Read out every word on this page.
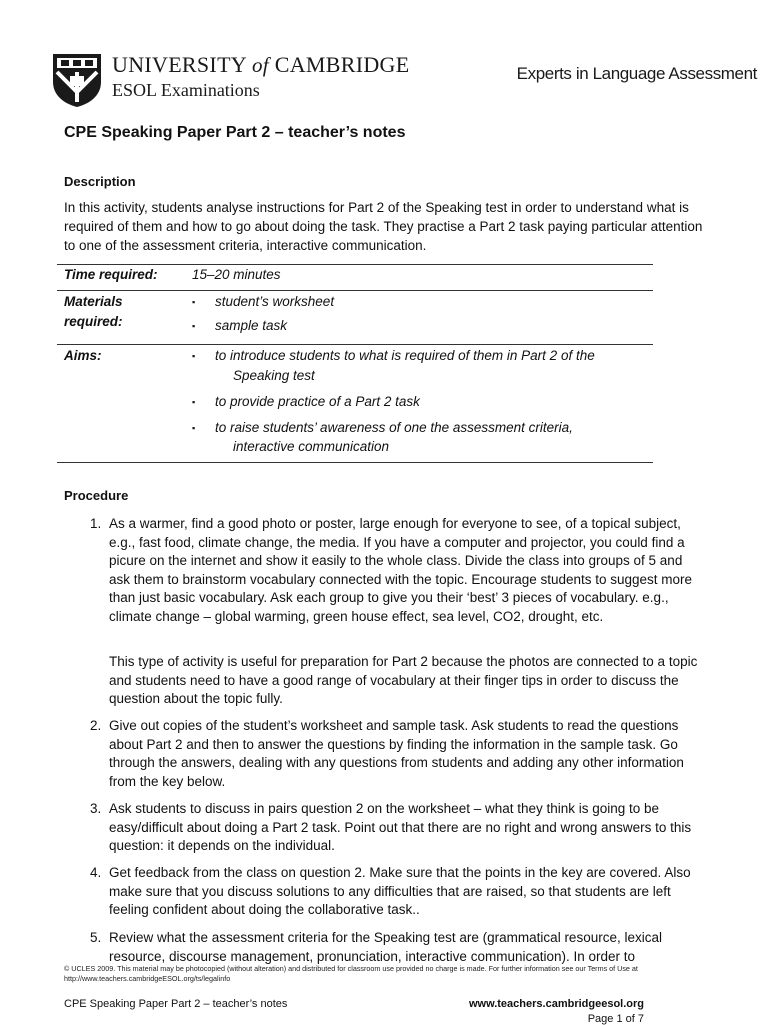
UNIVERSITY of CAMBRIDGE
ESOL Examinations
Experts in Language Assessment
CPE Speaking Paper Part 2 – teacher’s notes
Description
In this activity, students analyse instructions for Part 2 of the Speaking test in order to understand what is required of them and how to go about doing the task. They practise a Part 2 task paying particular attention to one of the assessment criteria, interactive communication.
Time required:	15–20 minutes
Materials
required:
▪ student’s worksheet
▪ sample task
Aims:	▪ to introduce students to what is required of them in Part 2 of the
Speaking test
▪ to provide practice of a Part 2 task
▪ to raise students’ awareness of one the assessment criteria,
interactive communication
Procedure
1. As a warmer, find a good photo or poster, large enough for everyone to see, of a topical subject, e.g., fast food, climate change, the media. If you have a computer and projector, you could find a picure on the internet and show it easily to the whole class. Divide the class into groups of 5 and ask them to brainstorm vocabulary connected with the topic. Encourage students to suggest more than just basic vocabulary. Ask each group to give you their ‘best’ 3 pieces of vocabulary. e.g., climate change – global warming, green house effect, sea level, CO2, drought, etc.
This type of activity is useful for preparation for Part 2 because the photos are connected to a topic and students need to have a good range of vocabulary at their finger tips in order to discuss the question about the topic fully.
2. Give out copies of the student’s worksheet and sample task. Ask students to read the questions about Part 2 and then to answer the questions by finding the information in the sample task. Go through the answers, dealing with any questions from students and adding any other information from the key below.
3. Ask students to discuss in pairs question 2 on the worksheet – what they think is going to be easy/difficult about doing a Part 2 task. Point out that there are no right and wrong answers to this question: it depends on the individual.
4. Get feedback from the class on question 2. Make sure that the points in the key are covered. Also make sure that you discuss solutions to any difficulties that are raised, so that students are left feeling confident about doing the collaborative task..
5. Review what the assessment criteria for the Speaking test are (grammatical resource, lexical resource, discourse management, pronunciation, interactive communication). In order to
© UCLES 2009. This material may be photocopied (without alteration) and distributed for classroom use provided no charge is made. For further information see our Terms of Use at http://www.teachers.cambridgeESOL.org/ts/legalinfo
CPE Speaking Paper Part 2 – teacher’s notes	www.teachers.cambridgeesol.org
Page 1 of 7
